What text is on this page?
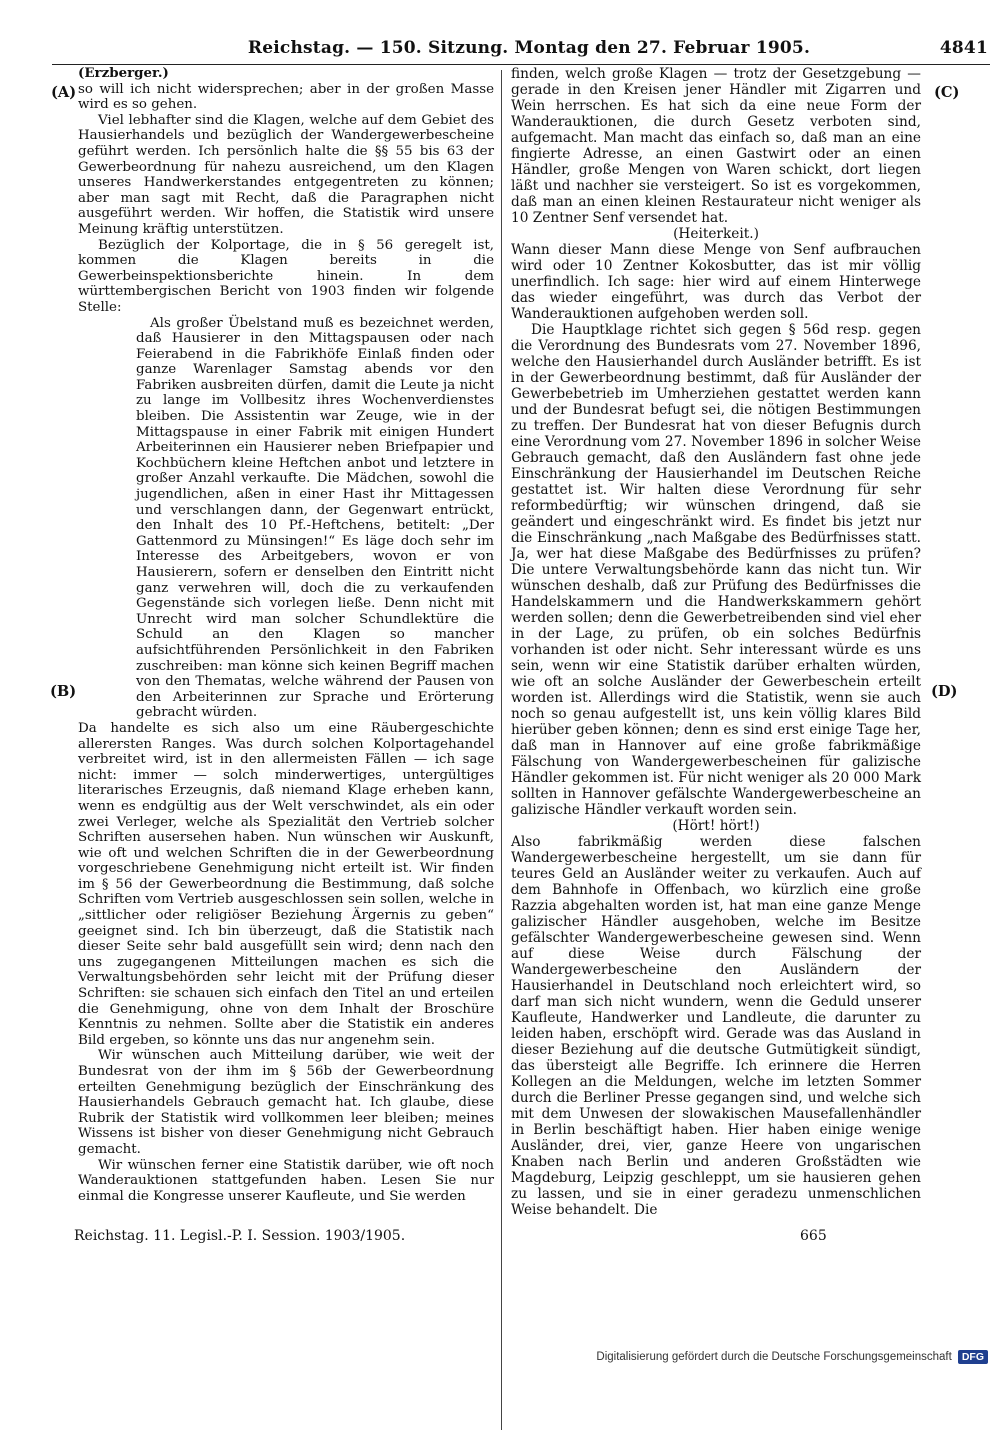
Reichstag. — 150. Sitzung. Montag den 27. Februar 1905.	4841
(A)
(B)
(C)
(D)

(Erzberger.)

so will ich nicht widersprechen; aber in der großen Masse wird es so gehen.

Viel lebhafter sind die Klagen, welche auf dem Gebiet des Hausierhandels und bezüglich der Wandergewerbescheine geführt werden. Ich persönlich halte die §§ 55 bis 63 der Gewerbeordnung für nahezu ausreichend, um den Klagen unseres Handwerkerstandes entgegentreten zu können; aber man sagt mit Recht, daß die Paragraphen nicht ausgeführt werden. Wir hoffen, die Statistik wird unsere Meinung kräftig unterstützen.

Bezüglich der Kolportage, die in § 56 geregelt ist, kommen die Klagen bereits in die Gewerbeinspektionsberichte hinein. In dem württembergischen Bericht von 1903 finden wir folgende Stelle:

Als großer Übelstand muß es bezeichnet werden, daß Hausierer in den Mittagspausen oder nach Feierabend in die Fabrikhöfe Einlaß finden oder ganze Warenlager Samstag abends vor den Fabriken ausbreiten dürfen, damit die Leute ja nicht zu lange im Vollbesitz ihres Wochenverdienstes bleiben. Die Assistentin war Zeuge, wie in der Mittagspause in einer Fabrik mit einigen Hundert Arbeiterinnen ein Hausierer neben Briefpapier und Kochbüchern kleine Heftchen anbot und letztere in großer Anzahl verkaufte. Die Mädchen, sowohl die jugendlichen, aßen in einer Hast ihr Mittagessen und verschlangen dann, der Gegenwart entrückt, den Inhalt des 10 Pf.-Heftchens, betitelt: „Der Gattenmord zu Münsingen!“ Es läge doch sehr im Interesse des Arbeitgebers, wovon er von Hausierern, sofern er denselben den Eintritt nicht ganz verwehren will, doch die zu verkaufenden Gegenstände sich vorlegen ließe. Denn nicht mit Unrecht wird man solcher Schundlektüre die Schuld an den Klagen so mancher aufsichtführenden Persönlichkeit in den Fabriken zuschreiben: man könne sich keinen Begriff machen von den Thematas, welche während der Pausen von den Arbeiterinnen zur Sprache und Erörterung gebracht würden.

Da handelte es sich also um eine Räubergeschichte allerersten Ranges. Was durch solchen Kolportagehandel verbreitet wird, ist in den allermeisten Fällen — ich sage nicht: immer — solch minderwertiges, untergültiges literarisches Erzeugnis, daß niemand Klage erheben kann, wenn es endgültig aus der Welt verschwindet, als ein oder zwei Verleger, welche als Spezialität den Vertrieb solcher Schriften ausersehen haben. Nun wünschen wir Auskunft, wie oft und welchen Schriften die in der Gewerbeordnung vorgeschriebene Genehmigung nicht erteilt ist. Wir finden im § 56 der Gewerbeordnung die Bestimmung, daß solche Schriften vom Vertrieb ausgeschlossen sein sollen, welche in „sittlicher oder religiöser Beziehung Ärgernis zu geben“ geeignet sind. Ich bin überzeugt, daß die Statistik nach dieser Seite sehr bald ausgefüllt sein wird; denn nach den uns zugegangenen Mitteilungen machen es sich die Verwaltungsbehörden sehr leicht mit der Prüfung dieser Schriften: sie schauen sich einfach den Titel an und erteilen die Genehmigung, ohne von dem Inhalt der Broschüre Kenntnis zu nehmen. Sollte aber die Statistik ein anderes Bild ergeben, so könnte uns das nur angenehm sein.

Wir wünschen auch Mitteilung darüber, wie weit der Bundesrat von der ihm im § 56b der Gewerbeordnung erteilten Genehmigung bezüglich der Einschränkung des Hausierhandels Gebrauch gemacht hat. Ich glaube, diese Rubrik der Statistik wird vollkommen leer bleiben; meines Wissens ist bisher von dieser Genehmigung nicht Gebrauch gemacht.

Wir wünschen ferner eine Statistik darüber, wie oft noch Wanderauktionen stattgefunden haben. Lesen Sie nur einmal die Kongresse unserer Kaufleute, und Sie werden

finden, welch große Klagen — trotz der Gesetzgebung — gerade in den Kreisen jener Händler mit Zigarren und Wein herrschen. Es hat sich da eine neue Form der Wanderauktionen, die durch Gesetz verboten sind, aufgemacht. Man macht das einfach so, daß man an eine fingierte Adresse, an einen Gastwirt oder an einen Händler, große Mengen von Waren schickt, dort liegen läßt und nachher sie versteigert. So ist es vorgekommen, daß man an einen kleinen Restaurateur nicht weniger als 10 Zentner Senf versendet hat.

(Heiterkeit.)

Wann dieser Mann diese Menge von Senf aufbrauchen wird oder 10 Zentner Kokosbutter, das ist mir völlig unerfindlich. Ich sage: hier wird auf einem Hinterwege das wieder eingeführt, was durch das Verbot der Wanderauktionen aufgehoben werden soll.

Die Hauptklage richtet sich gegen § 56d resp. gegen die Verordnung des Bundesrats vom 27. November 1896, welche den Hausierhandel durch Ausländer betrifft. Es ist in der Gewerbeordnung bestimmt, daß für Ausländer der Gewerbebetrieb im Umherziehen gestattet werden kann und der Bundesrat befugt sei, die nötigen Bestimmungen zu treffen. Der Bundesrat hat von dieser Befugnis durch eine Verordnung vom 27. November 1896 in solcher Weise Gebrauch gemacht, daß den Ausländern fast ohne jede Einschränkung der Hausierhandel im Deutschen Reiche gestattet ist. Wir halten diese Verordnung für sehr reformbedürftig; wir wünschen dringend, daß sie geändert und eingeschränkt wird. Es findet bis jetzt nur die Einschränkung „nach Maßgabe des Bedürfnisses statt. Ja, wer hat diese Maßgabe des Bedürfnisses zu prüfen? Die untere Verwaltungsbehörde kann das nicht tun. Wir wünschen deshalb, daß zur Prüfung des Bedürfnisses die Handelskammern und die Handwerkskammern gehört werden sollen; denn die Gewerbetreibenden sind viel eher in der Lage, zu prüfen, ob ein solches Bedürfnis vorhanden ist oder nicht. Sehr interessant würde es uns sein, wenn wir eine Statistik darüber erhalten würden, wie oft an solche Ausländer der Gewerbeschein erteilt worden ist. Allerdings wird die Statistik, wenn sie auch noch so genau aufgestellt ist, uns kein völlig klares Bild hierüber geben können; denn es sind erst einige Tage her, daß man in Hannover auf eine große fabrikmäßige Fälschung von Wandergewerbescheinen für galizische Händler gekommen ist. Für nicht weniger als 20 000 Mark sollten in Hannover gefälschte Wandergewerbescheine an galizische Händler verkauft worden sein.

(Hört! hört!)

Also fabrikmäßig werden diese falschen Wandergewerbescheine hergestellt, um sie dann für teures Geld an Ausländer weiter zu verkaufen. Auch auf dem Bahnhofe in Offenbach, wo kürzlich eine große Razzia abgehalten worden ist, hat man eine ganze Menge galizischer Händler ausgehoben, welche im Besitze gefälschter Wandergewerbescheine gewesen sind. Wenn auf diese Weise durch Fälschung der Wandergewerbescheine den Ausländern der Hausierhandel in Deutschland noch erleichtert wird, so darf man sich nicht wundern, wenn die Geduld unserer Kaufleute, Handwerker und Landleute, die darunter zu leiden haben, erschöpft wird. Gerade was das Ausland in dieser Beziehung auf die deutsche Gutmütigkeit sündigt, das übersteigt alle Begriffe. Ich erinnere die Herren Kollegen an die Meldungen, welche im letzten Sommer durch die Berliner Presse gegangen sind, und welche sich mit dem Unwesen der slowakischen Mausefallenhändler in Berlin beschäftigt haben. Hier haben einige wenige Ausländer, drei, vier, ganze Heere von ungarischen Knaben nach Berlin und anderen Großstädten wie Magdeburg, Leipzig geschleppt, um sie hausieren gehen zu lassen, und sie in einer geradezu unmenschlichen Weise behandelt. Die

Reichstag. 11. Legisl.-P. I. Session. 1903/1905.	665
Digitalisierung gefördert durch die Deutsche Forschungsgemeinschaft DFG
